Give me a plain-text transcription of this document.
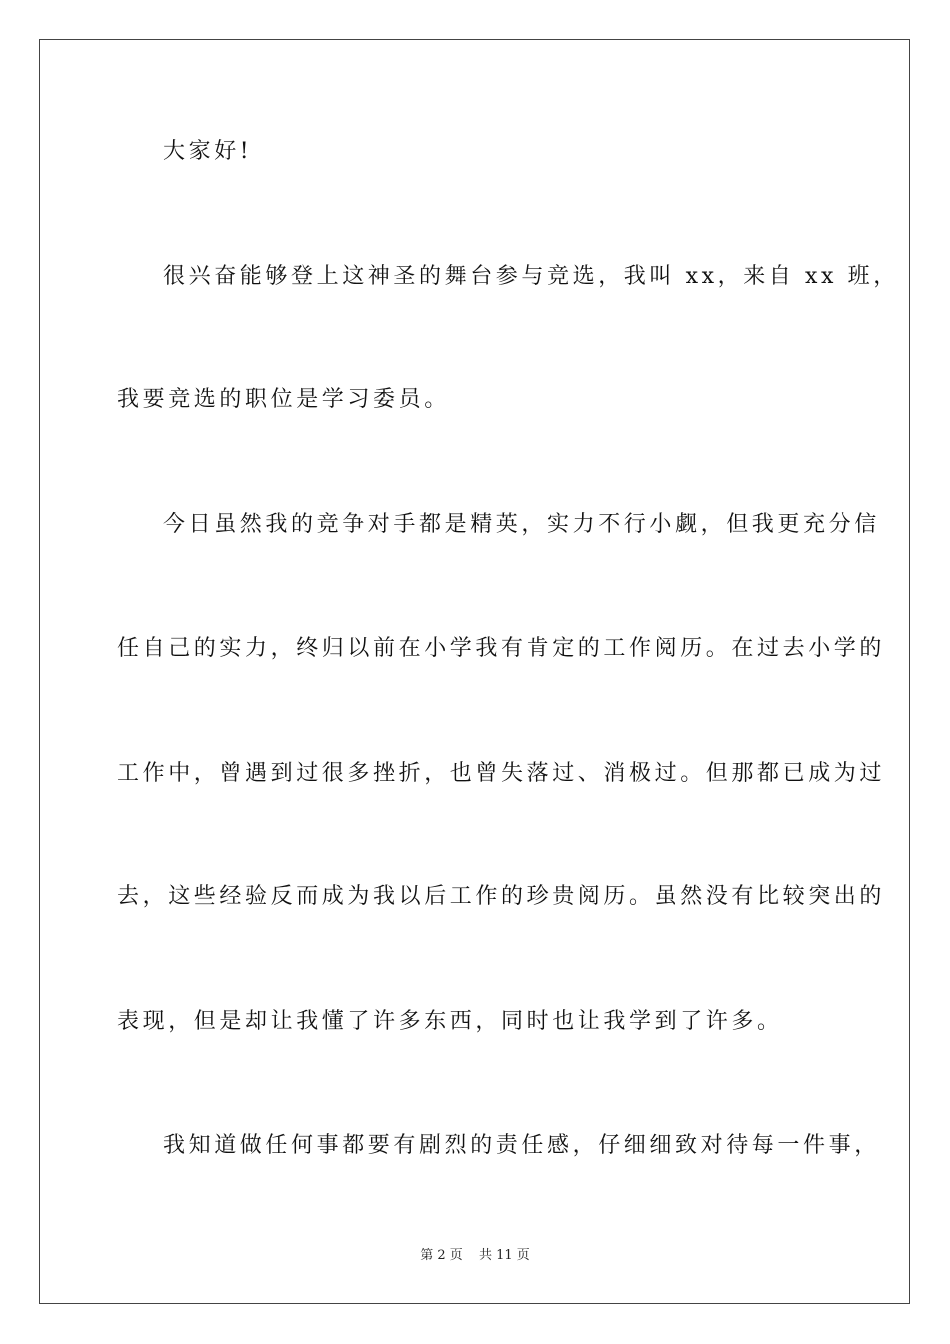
大家好!
很兴奋能够登上这神圣的舞台参与竞选，我叫 xx，来自 xx 班，
我要竞选的职位是学习委员。
今日虽然我的竞争对手都是精英，实力不行小觑，但我更充分信
任自己的实力，终归以前在小学我有肯定的工作阅历。在过去小学的
工作中，曾遇到过很多挫折，也曾失落过、消极过。但那都已成为过
去，这些经验反而成为我以后工作的珍贵阅历。虽然没有比较突出的
表现，但是却让我懂了许多东西，同时也让我学到了许多。
我知道做任何事都要有剧烈的责任感，仔细细致对待每一件事，
第 2 页 共 11 页
